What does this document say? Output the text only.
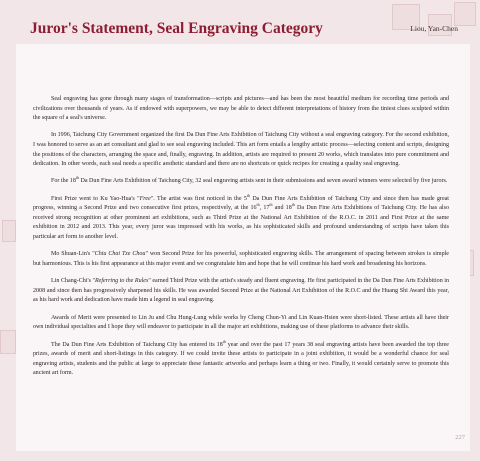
Juror's Statement, Seal Engraving Category	Liou, Yan-Chen

Seal engraving has gone through many stages of transformation—scripts and pictures—and has been the most beautiful medium for recording time periods and civilizations over thousands of years. As if endowed with superpowers, we may be able to detect different interpretations of history from the tiniest clues sculpted within the square of a seal's universe.

In 1996, Taichung City Government organized the first Da Dun Fine Arts Exhibition of Taichung City without a seal engraving category. For the second exhibition, I was honored to serve as an art consultant and glad to see seal engraving included. This art form entails a lengthy artistic process—selecting content and scripts, designing the positions of the characters, arranging the space and, finally, engraving. In addition, artists are required to present 20 works, which translates into pure commitment and dedication. In other words, each seal needs a specific aesthetic standard and there are no shortcuts or quick recipes for creating a quality seal engraving.

For the 18th Da Dun Fine Arts Exhibition of Taichung City, 32 seal engraving artists sent in their submissions and seven award winners were selected by five jurors.

First Prize went to Ku Yao-Hua's "Free". The artist was first noticed in the 5th Da Dun Fine Arts Exhibition of Taichung City and since then has made great progress, winning a Second Prize and two consecutive first prizes, respectively, at the 16th, 17th and 18th Da Dun Fine Arts Exhibitions of Taichung City. He has also received strong recognition at other prominent art exhibitions, such as Third Prize at the National Art Exhibition of the R.O.C. in 2011 and First Prize at the same exhibition in 2012 and 2013. This year, every juror was impressed with his works, as his sophisticated skills and profound understanding of scripts have taken this particular art form to another level.

Mo Shuan-Lin's "Chiu Chai Tze Chou" won Second Prize for his powerful, sophisticated engraving skills. The arrangement of spacing between strokes is simple but harmonious. This is his first appearance at this major event and we congratulate him and hope that he will continue his hard work and broadening his horizons.

Lin Chang-Chi's "Referring to the Rules" earned Third Prize with the artist's steady and fluent engraving. He first participated in the Da Dun Fine Arts Exhibition in 2008 and since then has progressively sharpened his skills. He was awarded Second Prize at the National Art Exhibition of the R.O.C and the Huang Shi Award this year, as his hard work and dedication have made him a legend in seal engraving.

Awards of Merit were presented to Lin Ju and Chu Hung-Lung while works by Cheng Chun-Yi and Lin Kuan-Hsien were short-listed. These artists all have their own individual specialties and I hope they will endeavor to participate in all the major art exhibitions, making use of these platforms to advance their skills.

The Da Dun Fine Arts Exhibition of Taichung City has entered its 18th year and over the past 17 years 38 seal engraving artists have been awarded the top three prizes, awards of merit and short-listings in this category. If we could invite these artists to participate in a joint exhibition, it would be a wonderful chance for seal engraving artists, students and the public at large to appreciate these fantastic artworks and perhaps learn a thing or two. Finally, it would certainly serve to promote this ancient art form.

227
